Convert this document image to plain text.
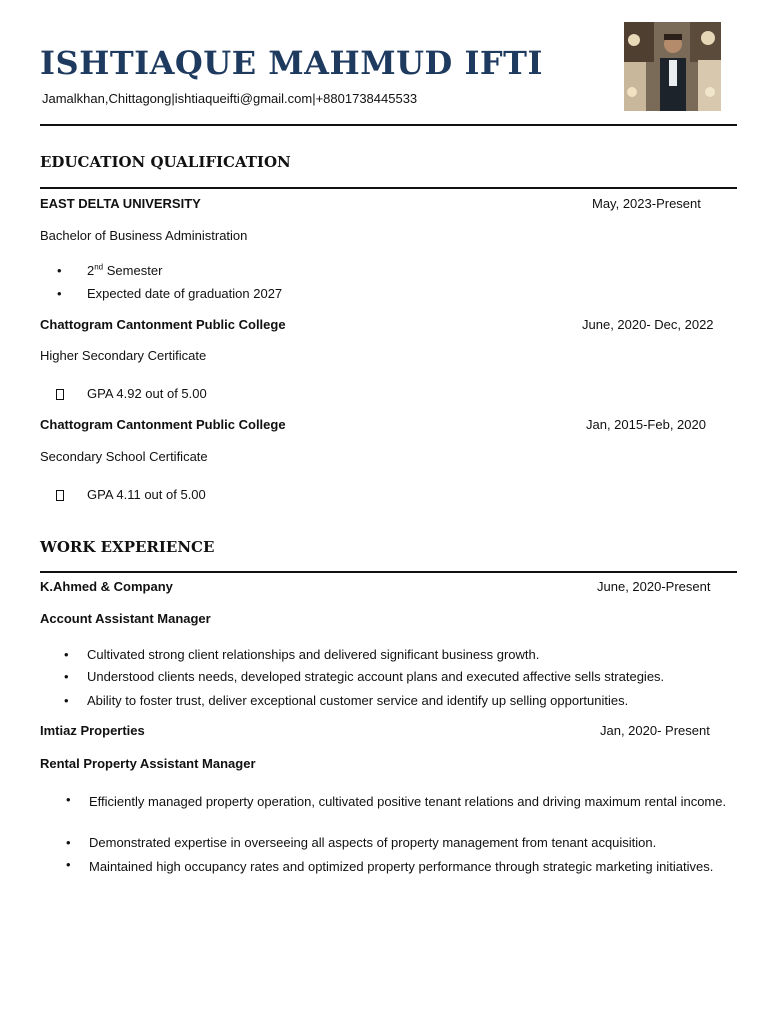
ISHTIAQUE MAHMUD IFTI
Jamalkhan,Chittagong|ishtiaqueifti@gmail.com|+8801738445533
EDUCATION QUALIFICATION
EAST DELTA UNIVERSITY	May, 2023-Present
Bachelor of Business Administration
• 2nd Semester
• Expected date of graduation 2027
Chattogram Cantonment Public College	June, 2020- Dec, 2022
Higher Secondary Certificate
GPA 4.92 out of 5.00
Chattogram Cantonment Public College	Jan, 2015-Feb, 2020
Secondary School Certificate
GPA 4.11 out of 5.00
WORK EXPERIENCE
K.Ahmed & Company	June, 2020-Present
Account Assistant Manager
• Cultivated strong client relationships and delivered significant business growth.
• Understood clients needs, developed strategic account plans and executed affective sells strategies.
• Ability to foster trust, deliver exceptional customer service and identify up selling opportunities.
Imtiaz Properties	Jan, 2020- Present
Rental Property Assistant Manager
• Efficiently managed property operation, cultivated positive tenant relations and driving maximum rental income.
• Demonstrated expertise in overseeing all aspects of property management from tenant acquisition.
• Maintained high occupancy rates and optimized property performance through strategic marketing initiatives.
